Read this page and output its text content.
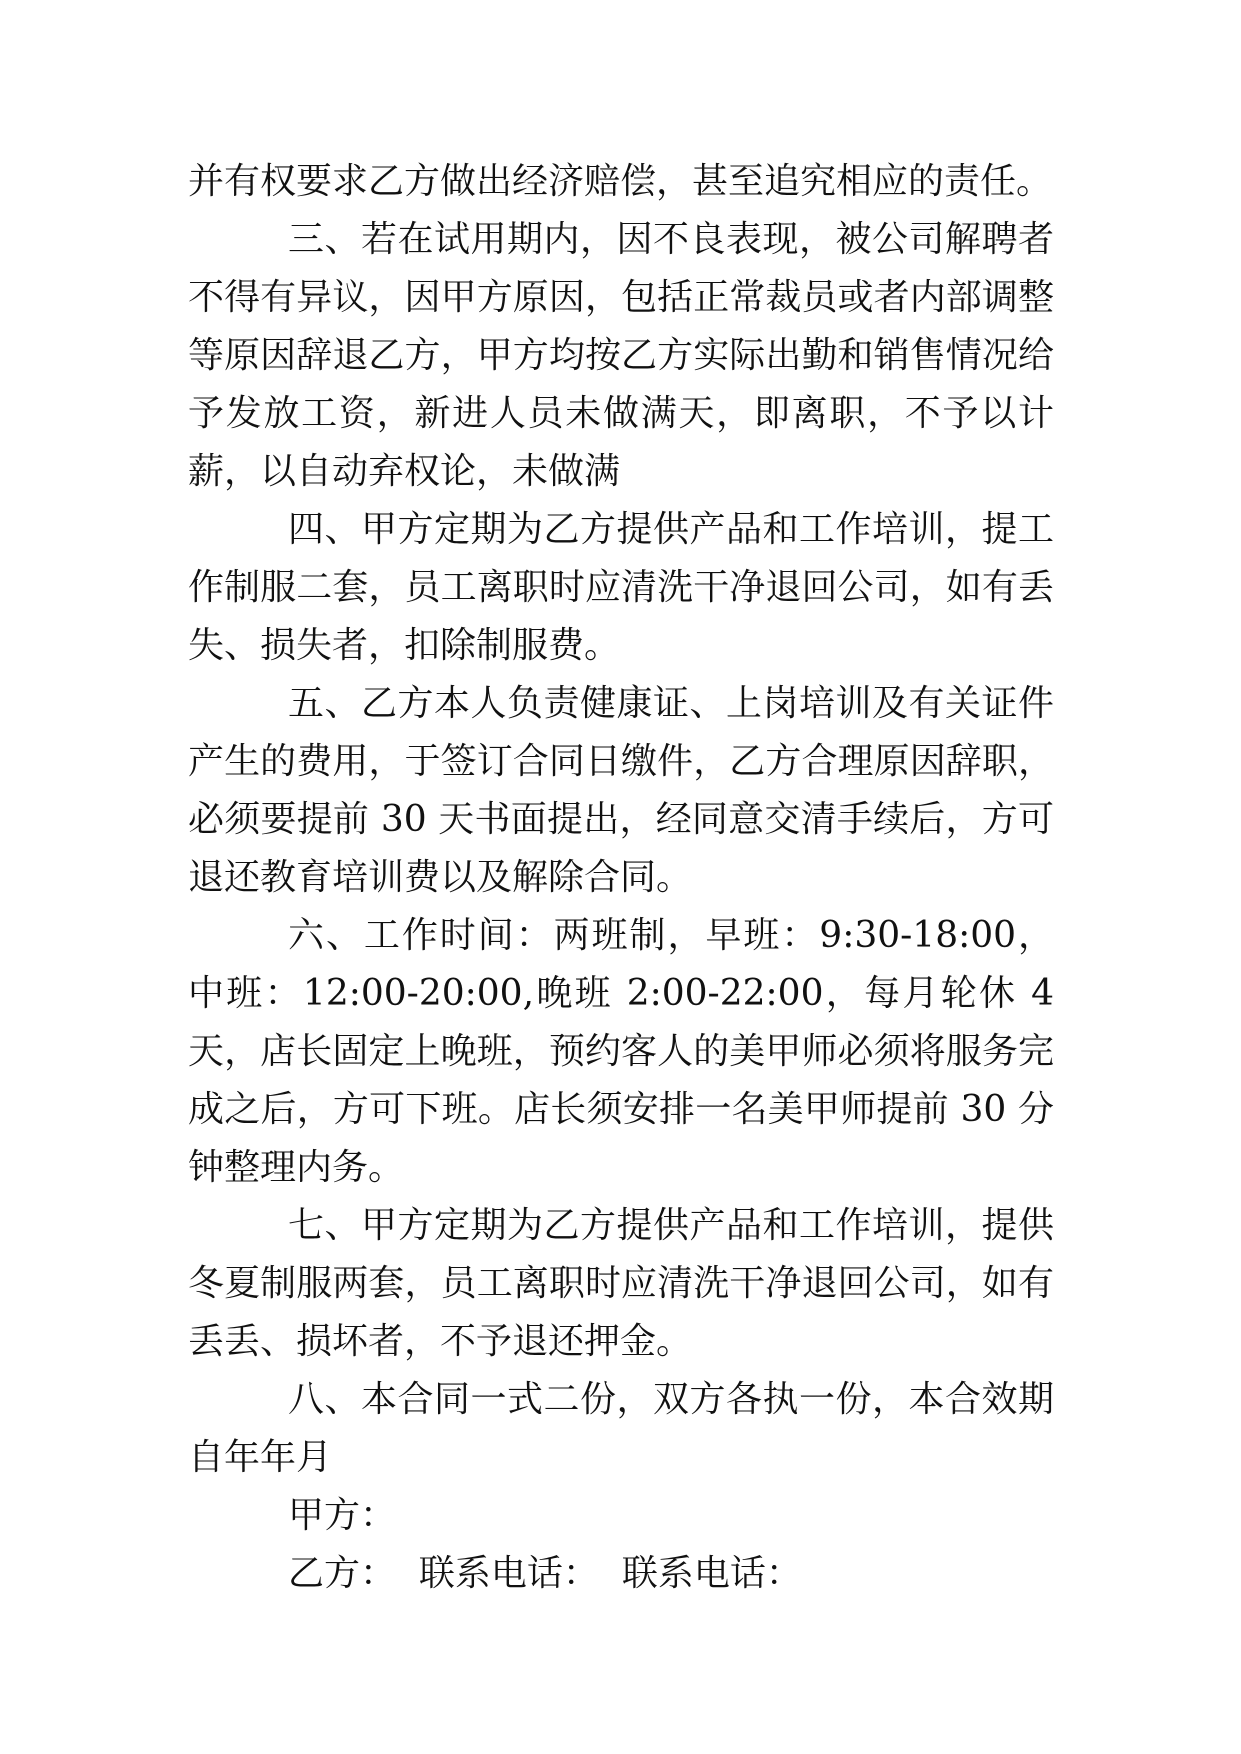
并有权要求乙方做出经济赔偿，甚至追究相应的责任。

三、若在试用期内，因不良表现，被公司解聘者不得有异议，因甲方原因，包括正常裁员或者内部调整等原因辞退乙方，甲方均按乙方实际出勤和销售情况给予发放工资，新进人员未做满天，即离职，不予以计薪，以自动弃权论，未做满

四、甲方定期为乙方提供产品和工作培训，提工作制服二套，员工离职时应清洗干净退回公司，如有丢失、损失者，扣除制服费。

五、乙方本人负责健康证、上岗培训及有关证件产生的费用，于签订合同日缴件，乙方合理原因辞职，必须要提前 30 天书面提出，经同意交清手续后，方可退还教育培训费以及解除合同。

六、工作时间：两班制，早班：9:30-18:00，中班：12:00-20:00,晚班 2:00-22:00，每月轮休 4 天，店长固定上晚班，预约客人的美甲师必须将服务完成之后，方可下班。店长须安排一名美甲师提前 30 分钟整理内务。

七、甲方定期为乙方提供产品和工作培训，提供冬夏制服两套，员工离职时应清洗干净退回公司，如有丢丢、损坏者，不予退还押金。

八、本合同一式二份，双方各执一份，本合效期自年年月

甲方：

乙方： 联系电话： 联系电话：
